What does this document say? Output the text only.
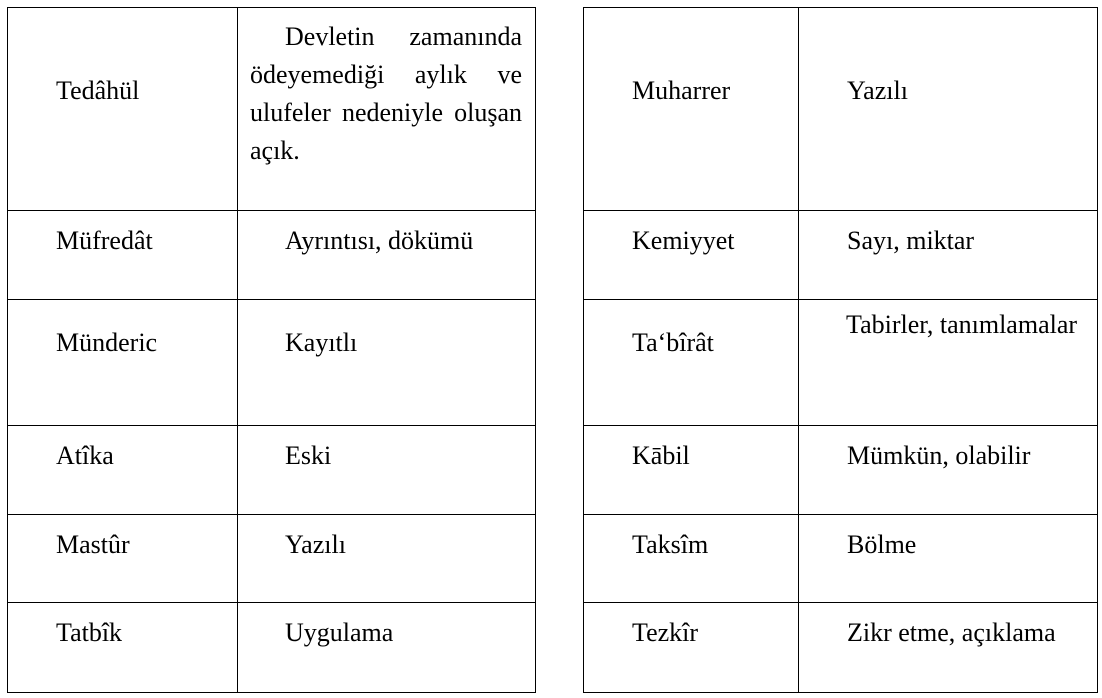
Tedâhül	Devletin zamanında ödeyemediği aylık ve ulufeler nedeniyle oluşan açık.

Müfredât	Ayrıntısı, dökümü
Münderic	Kayıtlı
Atîka	Eski
Mastûr	Yazılı
Tatbîk	Uygulama
Muharrer	Yazılı
Kemiyyet	Sayı, miktar
Ta‘bîrât	Tabirler, tanımlamalar

Kābil	Mümkün, olabilir
Taksîm	Bölme
Tezkîr	Zikr etme, açıklama
